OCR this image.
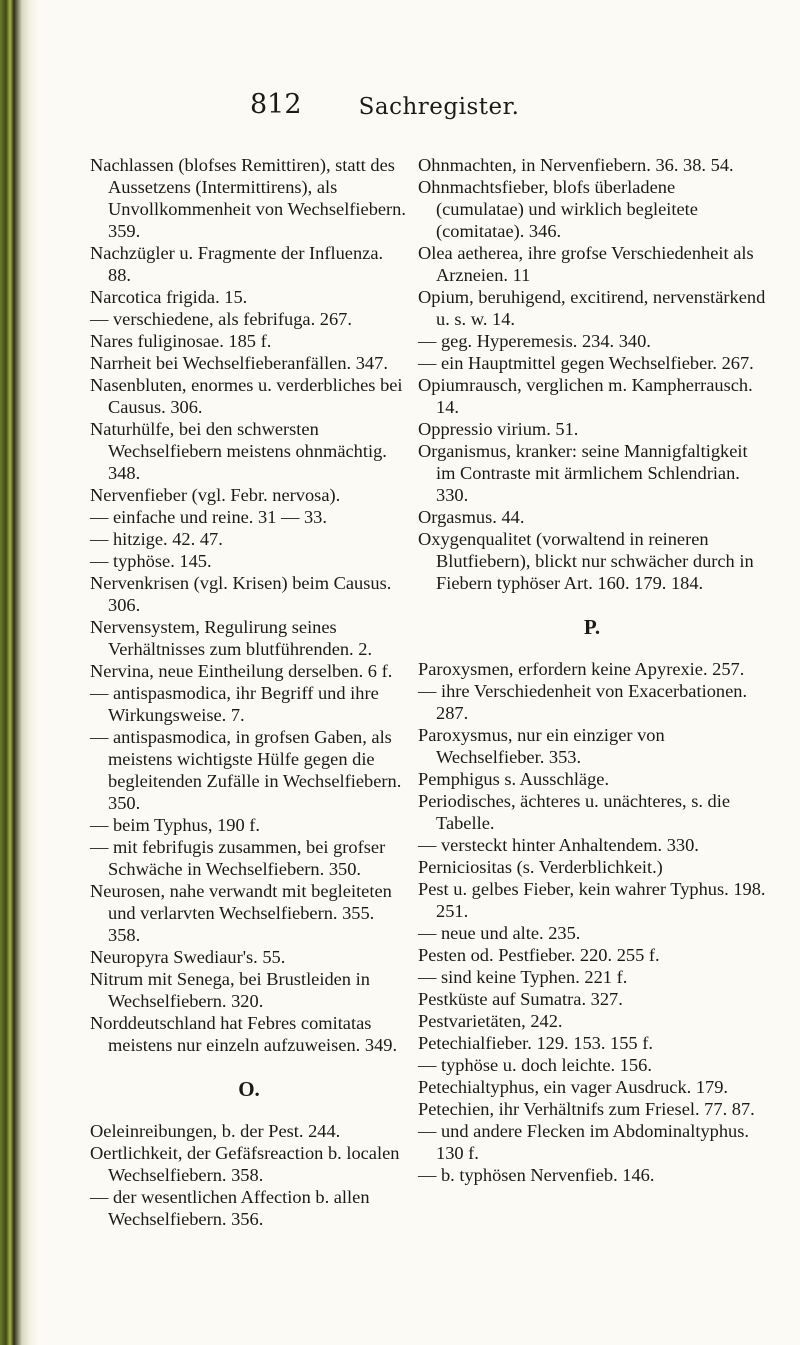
812	Sachregister.

Nachlassen (blofses Remittiren), statt des Aussetzens (Intermittirens), als Unvollkommenheit von Wechselfiebern. 359.

Nachzügler u. Fragmente der Influenza. 88.

Narcotica frigida. 15.

— verschiedene, als febrifuga. 267.

Nares fuliginosae. 185 f.

Narrheit bei Wechselfieberanfällen. 347.

Nasenbluten, enormes u. verderbliches bei Causus. 306.

Naturhülfe, bei den schwersten Wechselfiebern meistens ohnmächtig. 348.

Nervenfieber (vgl. Febr. nervosa).

— einfache und reine. 31 — 33.

— hitzige. 42. 47.

— typhöse. 145.

Nervenkrisen (vgl. Krisen) beim Causus. 306.

Nervensystem, Regulirung seines Verhältnisses zum blutführenden. 2.

Nervina, neue Eintheilung derselben. 6 f.

— antispasmodica, ihr Begriff und ihre Wirkungsweise. 7.

— antispasmodica, in grofsen Gaben, als meistens wichtigste Hülfe gegen die begleitenden Zufälle in Wechselfiebern. 350.

— beim Typhus, 190 f.

— mit febrifugis zusammen, bei grofser Schwäche in Wechselfiebern. 350.

Neurosen, nahe verwandt mit begleiteten und verlarvten Wechselfiebern. 355. 358.

Neuropyra Swediaur's. 55.

Nitrum mit Senega, bei Brustleiden in Wechselfiebern. 320.

Norddeutschland hat Febres comitatas meistens nur einzeln aufzuweisen. 349.

O.

Oeleinreibungen, b. der Pest. 244.

Oertlichkeit, der Gefäfsreaction b. localen Wechselfiebern. 358.

— der wesentlichen Affection b. allen Wechselfiebern. 356.

Ohnmachten, in Nervenfiebern. 36. 38. 54.

Ohnmachtsfieber, blofs überladene (cumulatae) und wirklich begleitete (comitatae). 346.

Olea aetherea, ihre grofse Verschiedenheit als Arzneien. 11

Opium, beruhigend, excitirend, nervenstärkend u. s. w. 14.

— geg. Hyperemesis. 234. 340.

— ein Hauptmittel gegen Wechselfieber. 267.

Opiumrausch, verglichen m. Kampherrausch. 14.

Oppressio virium. 51.

Organismus, kranker: seine Mannigfaltigkeit im Contraste mit ärmlichem Schlendrian. 330.

Orgasmus. 44.

Oxygenqualitet (vorwaltend in reineren Blutfiebern), blickt nur schwächer durch in Fiebern typhöser Art. 160. 179. 184.

P.

Paroxysmen, erfordern keine Apyrexie. 257.

— ihre Verschiedenheit von Exacerbationen. 287.

Paroxysmus, nur ein einziger von Wechselfieber. 353.

Pemphigus s. Ausschläge.

Periodisches, ächteres u. unächteres, s. die Tabelle.

— versteckt hinter Anhaltendem. 330.

Perniciositas (s. Verderblichkeit.)

Pest u. gelbes Fieber, kein wahrer Typhus. 198. 251.

— neue und alte. 235.

Pesten od. Pestfieber. 220. 255 f.

— sind keine Typhen. 221 f.

Pestküste auf Sumatra. 327.

Pestvarietäten, 242.

Petechialfieber. 129. 153. 155 f.

— typhöse u. doch leichte. 156.

Petechialtyphus, ein vager Ausdruck. 179.

Petechien, ihr Verhältnifs zum Friesel. 77. 87.

— und andere Flecken im Abdominaltyphus. 130 f.

— b. typhösen Nervenfieb. 146.
